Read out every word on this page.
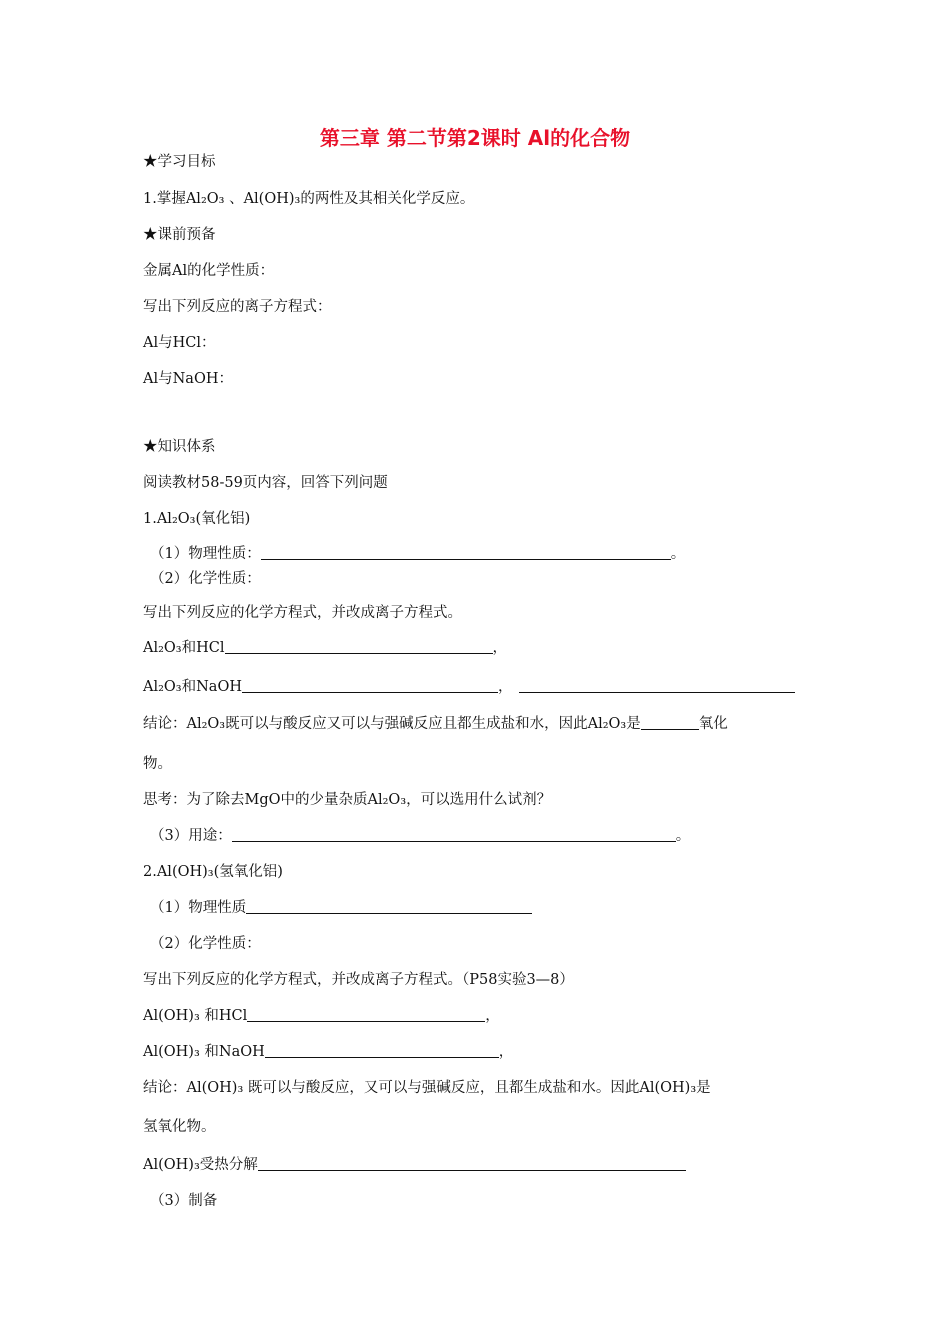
第三章 第二节第2课时 Al的化合物
★学习目标
1.掌握Al₂O₃ 、Al(OH)₃的两性及其相关化学反应。
★课前预备
金属Al的化学性质：
写出下列反应的离子方程式：
Al与HCl：
Al与NaOH：
★知识体系
阅读教材58-59页内容，回答下列问题
1.Al₂O₃(氧化铝)
（1）物理性质：	。
（2）化学性质：
写出下列反应的化学方程式，并改成离子方程式。
Al₂O₃和HCl	，
Al₂O₃和NaOH	，
结论：Al₂O₃既可以与酸反应又可以与强碱反应且都生成盐和水，因此Al₂O₃是	氧化
物。
思考：为了除去MgO中的少量杂质Al₂O₃，可以选用什么试剂？
（3）用途：	。
2.Al(OH)₃(氢氧化铝)
（1）物理性质
（2）化学性质：
写出下列反应的化学方程式，并改成离子方程式。（P58实验3—8）
Al(OH)₃ 和HCl	，
Al(OH)₃ 和NaOH	，
结论：Al(OH)₃ 既可以与酸反应，又可以与强碱反应，且都生成盐和水。因此Al(OH)₃是
氢氧化物。
Al(OH)₃受热分解
（3）制备
